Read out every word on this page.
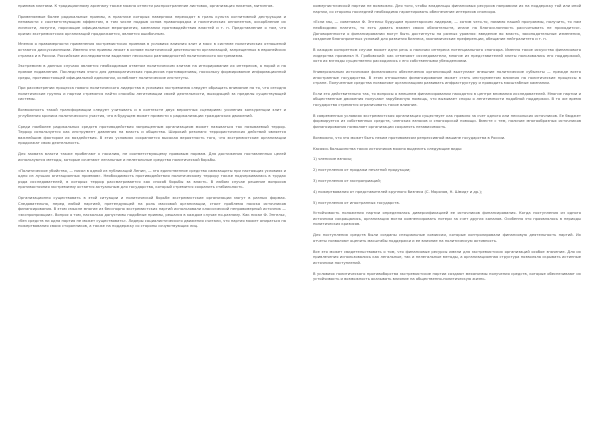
приемов элитами. К традиционному арсеналу также можно отнести распространение листовок, организация пикетов, митингов.

Применяемые более радикальные приемы, в практике которых наверняка переходят в грань культа когнитивной деструкции и ненависти с соответствующим эффектом, в том числе подрыв основ правопорядка и политических оппонентов, оскорбление их личности, лозунги, порочащие официальные мероприятия, кампании противодействия властей и т. п. Представление о том, что кризис экстремистских организаций продолжается, является ошибочным.

Мнения о правомерности применения экстремистских приемов в условиях влияния элит и масс в системе политических отношений остаются дискуссионными. Именно эти приемы лежат в основе политической деятельности организаций, запрещенных в европейских странах и в России. Российские исследователи выделяют несколько разновидностей политического экстремизма.

Экстремизм в данных случаях является необходимым ответом политическим элитам на игнорирование их интересов, а порой и на прямое подавление. Последствия этого для демократических процессов противоречивы, поскольку формирование информационной среды, противостоящей официальной идеологии, ослабляет политические институты.

При рассмотрении процесса нового политического лидерства в условиях экстремизма следует обращать внимание на то, что сегодня политические группы и партии стремятся найти способы легитимации своей деятельности, выходящей за пределы существующей системы.

Возможность такой трансформации следует учитывать и в контексте двух вероятных сценариев: усиления конкуренции элит и углубления кризиса политического участия, что в будущем может привести к радикализации гражданских движений.

Среди наиболее радикальных средств противодействия запрещенным организациям может называться так называемый террор. Террор используется как инструмент давления на власть и общество. Широкий резонанс террористических действий является важнейшим фактором их воздействия. В этих условиях сохраняется высокая вероятность того, что экстремистские организации продолжат свою деятельность.

Для захвата власти также прибегают к насилию, не соответствующему правовым нормам. Для достижения поставленных целей используются методы, которые сочетают легальные и нелегальные средства политической борьбы.

«Политическое убийство, — писал в одной из публикаций Ленин, — это единственное средство самозащиты при настоящих условиях и одно из лучших агитационных приемов». Необходимость противодействия политическому террору также подчеркивалась в трудах ряда исследователей, в которых террор рассматривается как способ борьбы за власть. В любом случае решение вопросов противостояния экстремизму остается актуальным для государства, который стремится сохранить стабильность.

Организационно существовать в этой ситуации и политической борьбе экстремистские организации могут в разных формах. Следовательно, перед любой партией, претендующей на роль массовой организации, стоит проблема поиска источников финансирования. В этом смысле многие из бесспорно экстремистских партий использовали классический неправомерный источник — «экспроприации». Вопрос о том, насколько допустимы подобные приемы, решался в каждом случае по-разному. Как писал Ф. Энгельс, «без средств ни одна партия не может существовать». Лидеры социалистического движения считали, что партия может опираться на пожертвования своих сторонников, а также на поддержку со стороны сочувствующих лиц.

коммунистической партии не возможно. Для того, чтобы владельцы финансовых ресурсов направили их на поддержку той или иной партии, со стороны последней необходимо гарантировать обеспечение интересов спонсора.

«Если мы, — советовал Ф. Энгельс будущим пролетарским лидерам, — хотим чего-то, помимо нашей программы, получить, то нам необходимо платить, то есть давать взамен своих обязательств, иначе на благосклонность рассчитывать не приходится». Договоренности о финансировании могут быть достигнуты на разных уровнях: введение во власть, законодательные изменения, создание благоприятных условий для развития бизнеса, экономические преференции, обещание нейтралитета и т. п.

В каждом конкретном случае может идти речь о наличии интереса потенциального спонсора. Именно такое искусство финансового лидерства проявлял Н. Грабовский: как отмечают исследователи, многие из представителей элиты пользовались его поддержкой, хотя их взгляды существенно расходились с его собственными убеждениями.

Универсальным источником финансового обеспечения организаций выступают внешние политические субъекты — прежде всего иностранные государства. В этом отношении финансирование может стать инструментом влияния на политические процессы в стране. Полученные средства позволяют организациям развивать инфраструктуру и проводить масштабные кампании.

Если это действительно так, то вопросы о внешнем финансировании находятся в центре внимания исследователей. Многие партии и общественные движения получают зарубежную помощь, что вызывает споры о легитимности подобной поддержки. В то же время государства стремятся ограничивать такое влияние.

В современных условиях экстремистская организация существует как правило за счет одного или нескольких источников. Ее бюджет формируется из собственных средств, членских взносов и спонсорской помощи. Вместе с тем, наличие многообразных источников финансирования позволяет организации сохранять независимость.

Возможно, что это может быть неким противовесом репрессивной машине государства в России.

Касаясь большинства таких источников можно выделить следующие виды:

1) членские взносы;

2) поступления от продажи печатной продукции;

3) поступления от экспроприаций;

4) пожертвования от представителей крупного бизнеса (С. Морозов, Н. Шмидт и др.);

5) поступления от иностранных государств.

Устойчивость положения партии определялась диверсификацией ее источников финансирования. Когда поступления из одного источника сокращались, организация могла компенсировать потери за счет других каналов. Особенно это проявлялось в периоды политических кризисов.

Для поступления средств были созданы специальные комиссии, которые контролировали финансовую деятельность партий. Их отчеты позволяют оценить масштабы поддержки и ее влияние на политическую активность.

Все это может свидетельствовать о том, что финансовые ресурсы имели для экстремистских организаций особое значение. Для их привлечения использовались как легальные, так и нелегальные методы, а организационная структура позволяла скрывать истинные источники поступлений.

В условиях политического противоборства экстремистские партии создают механизмы получения средств, которые обеспечивают их устойчивость и возможность оказывать влияние на общественно-политическую жизнь.
